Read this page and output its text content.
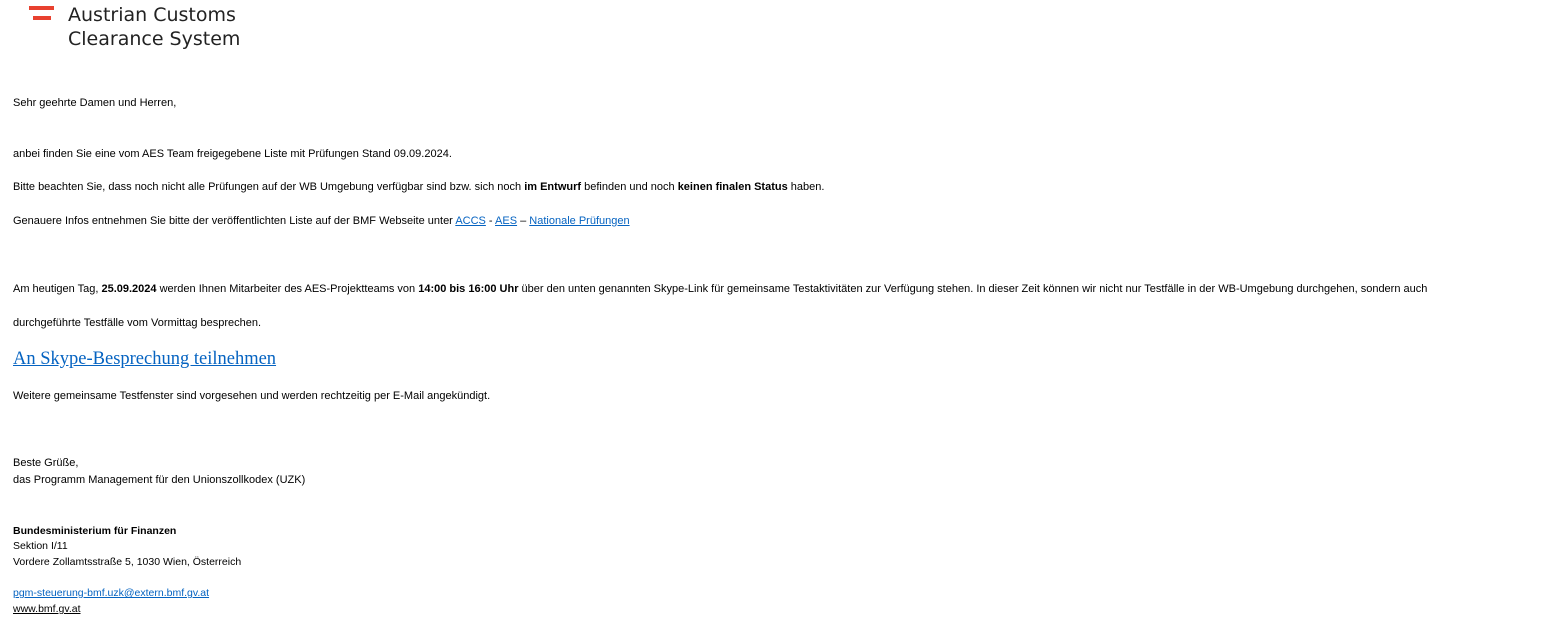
Austrian Customs
Clearance System
Sehr geehrte Damen und Herren,
anbei finden Sie eine vom AES Team freigegebene Liste mit Prüfungen Stand 09.09.2024.
Bitte beachten Sie, dass noch nicht alle Prüfungen auf der WB Umgebung verfügbar sind bzw. sich noch im Entwurf befinden und noch keinen finalen Status haben.
Genauere Infos entnehmen Sie bitte der veröffentlichten Liste auf der BMF Webseite unter ACCS - AES – Nationale Prüfungen
Am heutigen Tag, 25.09.2024 werden Ihnen Mitarbeiter des AES-Projektteams von 14:00 bis 16:00 Uhr über den unten genannten Skype-Link für gemeinsame Testaktivitäten zur Verfügung stehen. In dieser Zeit können wir nicht nur Testfälle in der WB-Umgebung durchgehen, sondern auch
durchgeführte Testfälle vom Vormittag besprechen.
An Skype-Besprechung teilnehmen
Weitere gemeinsame Testfenster sind vorgesehen und werden rechtzeitig per E-Mail angekündigt.
Beste Grüße,
das Programm Management für den Unionszollkodex (UZK)
Bundesministerium für Finanzen
Sektion I/11
Vordere Zollamtsstraße 5, 1030 Wien, Österreich
pgm-steuerung-bmf.uzk@extern.bmf.gv.at
www.bmf.gv.at
